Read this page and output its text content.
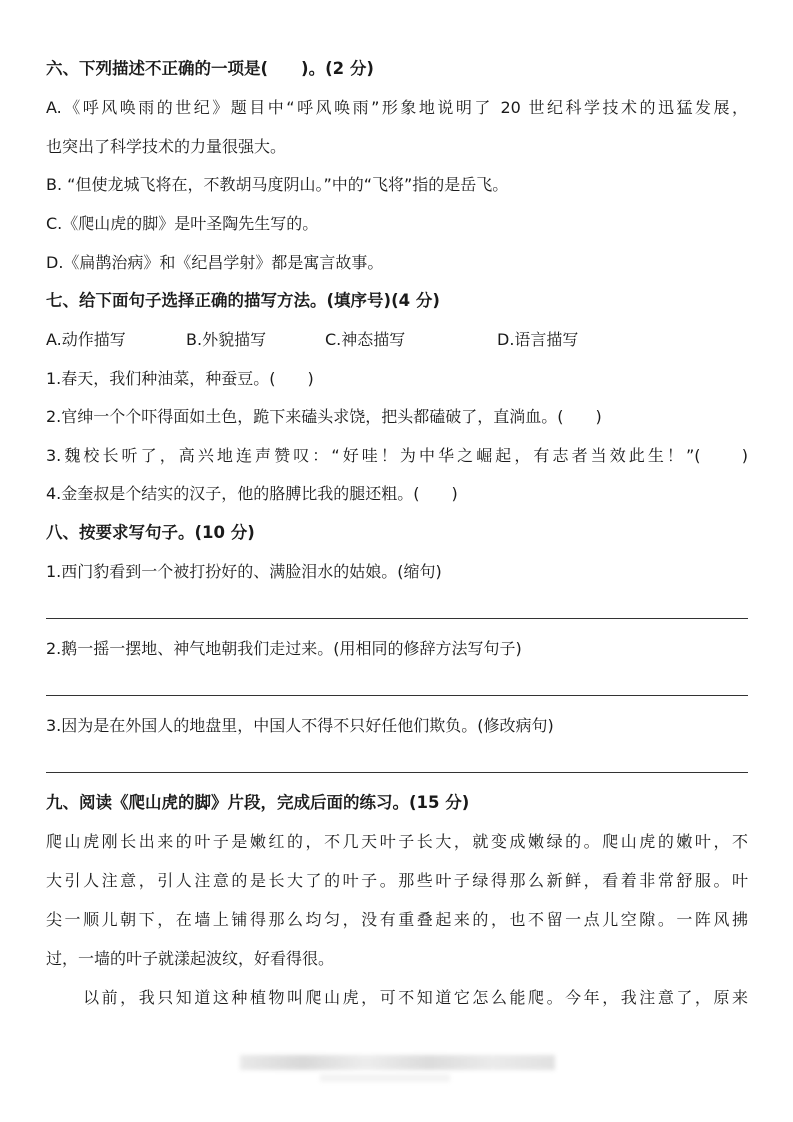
六、下列描述不正确的一项是(　　)。(2 分)
A.《呼风唤雨的世纪》题目中“呼风唤雨”形象地说明了 20 世纪科学技术的迅猛发展，
也突出了科学技术的力量很强大。
B. “但使龙城飞将在，不教胡马度阴山。”中的“飞将”指的是岳飞。
C.《爬山虎的脚》是叶圣陶先生写的。
D.《扁鹊治病》和《纪昌学射》都是寓言故事。
七、给下面句子选择正确的描写方法。(填序号)(4 分)
A.动作描写	B.外貌描写	C.神态描写	D.语言描写
1.春天，我们种油菜，种蚕豆。(　　)
2.官绅一个个吓得面如土色，跪下来磕头求饶，把头都磕破了，直淌血。(　　)
3.魏校长听了，高兴地连声赞叹：“好哇！为中华之崛起，有志者当效此生！”(　　)
4.金奎叔是个结实的汉子，他的胳膊比我的腿还粗。(　　)
八、按要求写句子。(10 分)
1.西门豹看到一个被打扮好的、满脸泪水的姑娘。(缩句)
2.鹅一摇一摆地、神气地朝我们走过来。(用相同的修辞方法写句子)
3.因为是在外国人的地盘里，中国人不得不只好任他们欺负。(修改病句)
九、阅读《爬山虎的脚》片段，完成后面的练习。(15 分)
爬山虎刚长出来的叶子是嫩红的，不几天叶子长大，就变成嫩绿的。爬山虎的嫩叶，不
大引人注意，引人注意的是长大了的叶子。那些叶子绿得那么新鲜，看着非常舒服。叶
尖一顺儿朝下，在墙上铺得那么均匀，没有重叠起来的，也不留一点儿空隙。一阵风拂
过，一墙的叶子就漾起波纹，好看得很。
　　以前，我只知道这种植物叫爬山虎，可不知道它怎么能爬。今年，我注意了，原来
